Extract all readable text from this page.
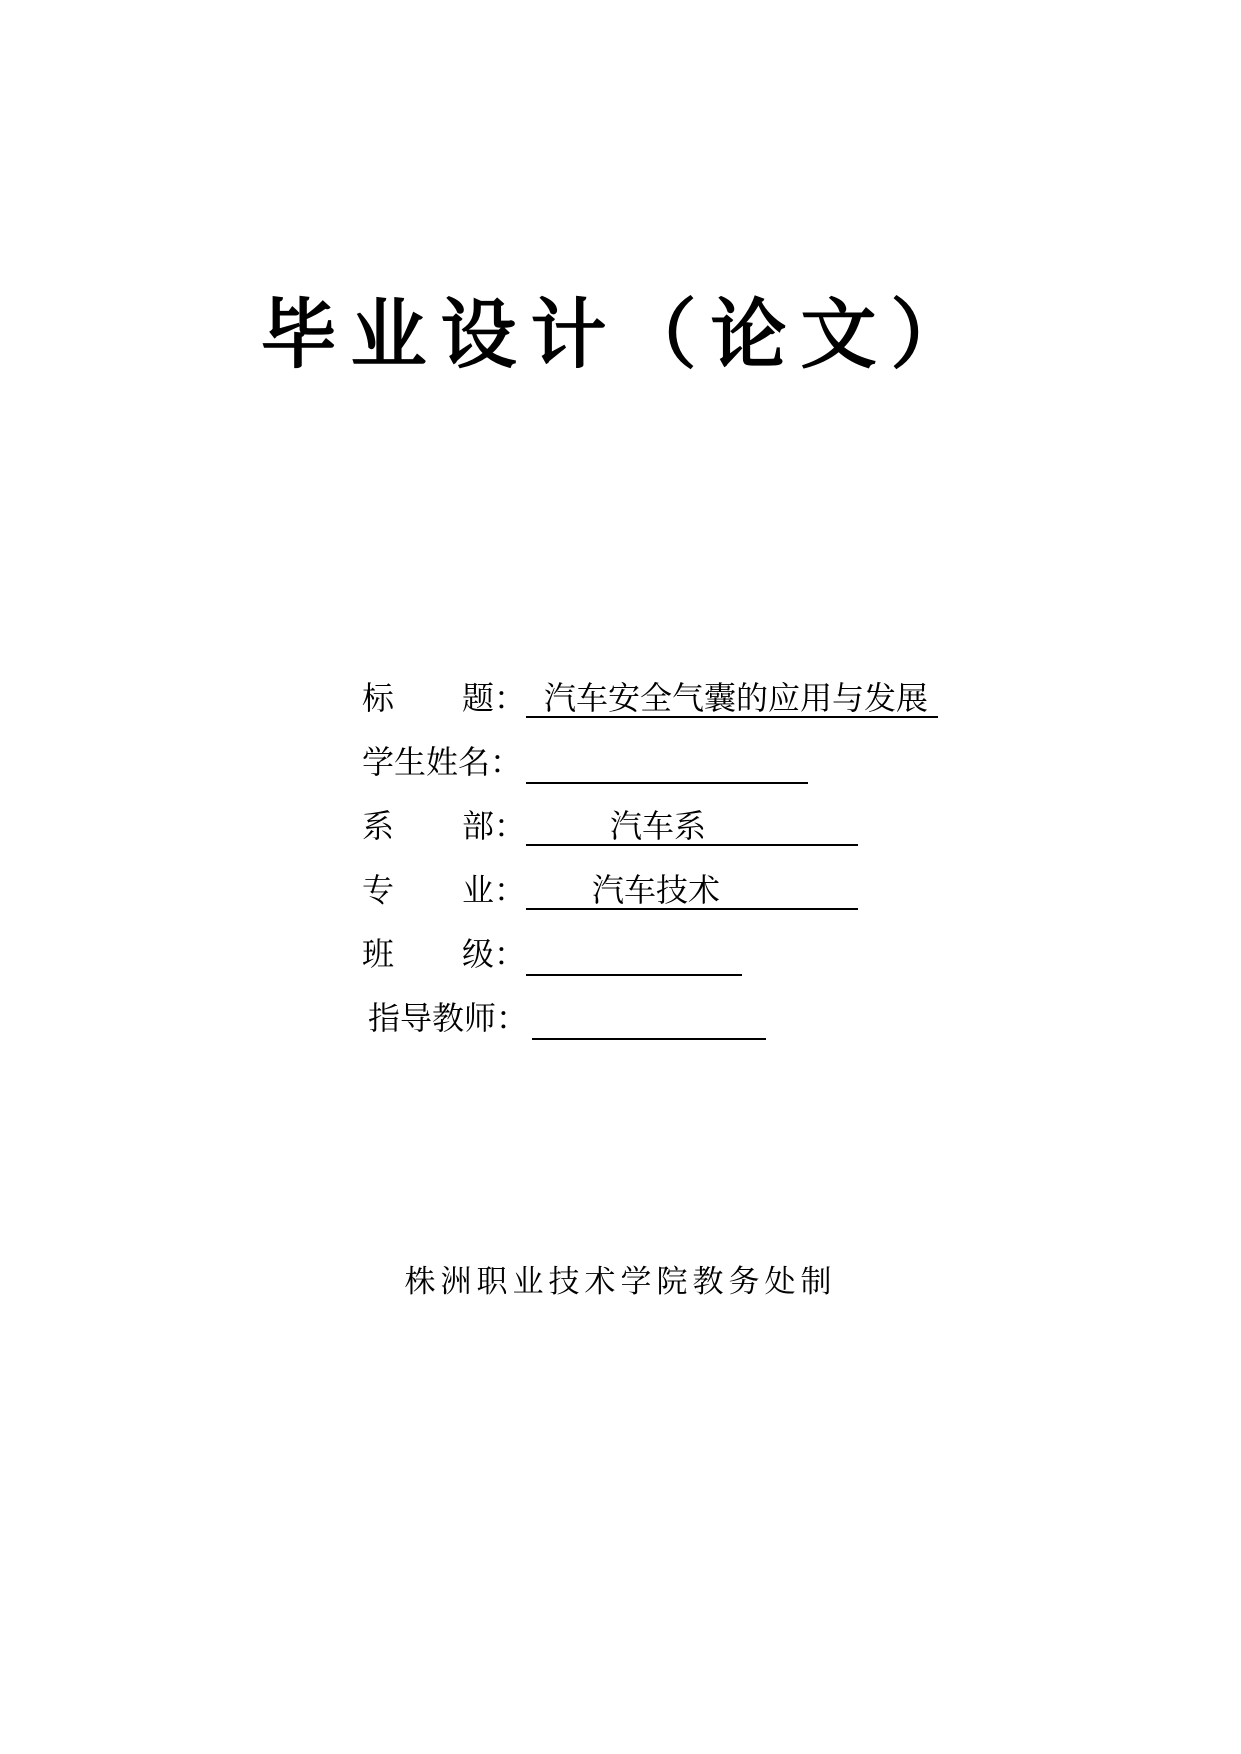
毕业设计（论文）
标 题 ： 汽车安全气囊的应用与发展
学生姓名：
系 部 ：	汽车系
专 业 ：	汽车技术
班 级 ：
指导教师：
株洲职业技术学院教务处制
